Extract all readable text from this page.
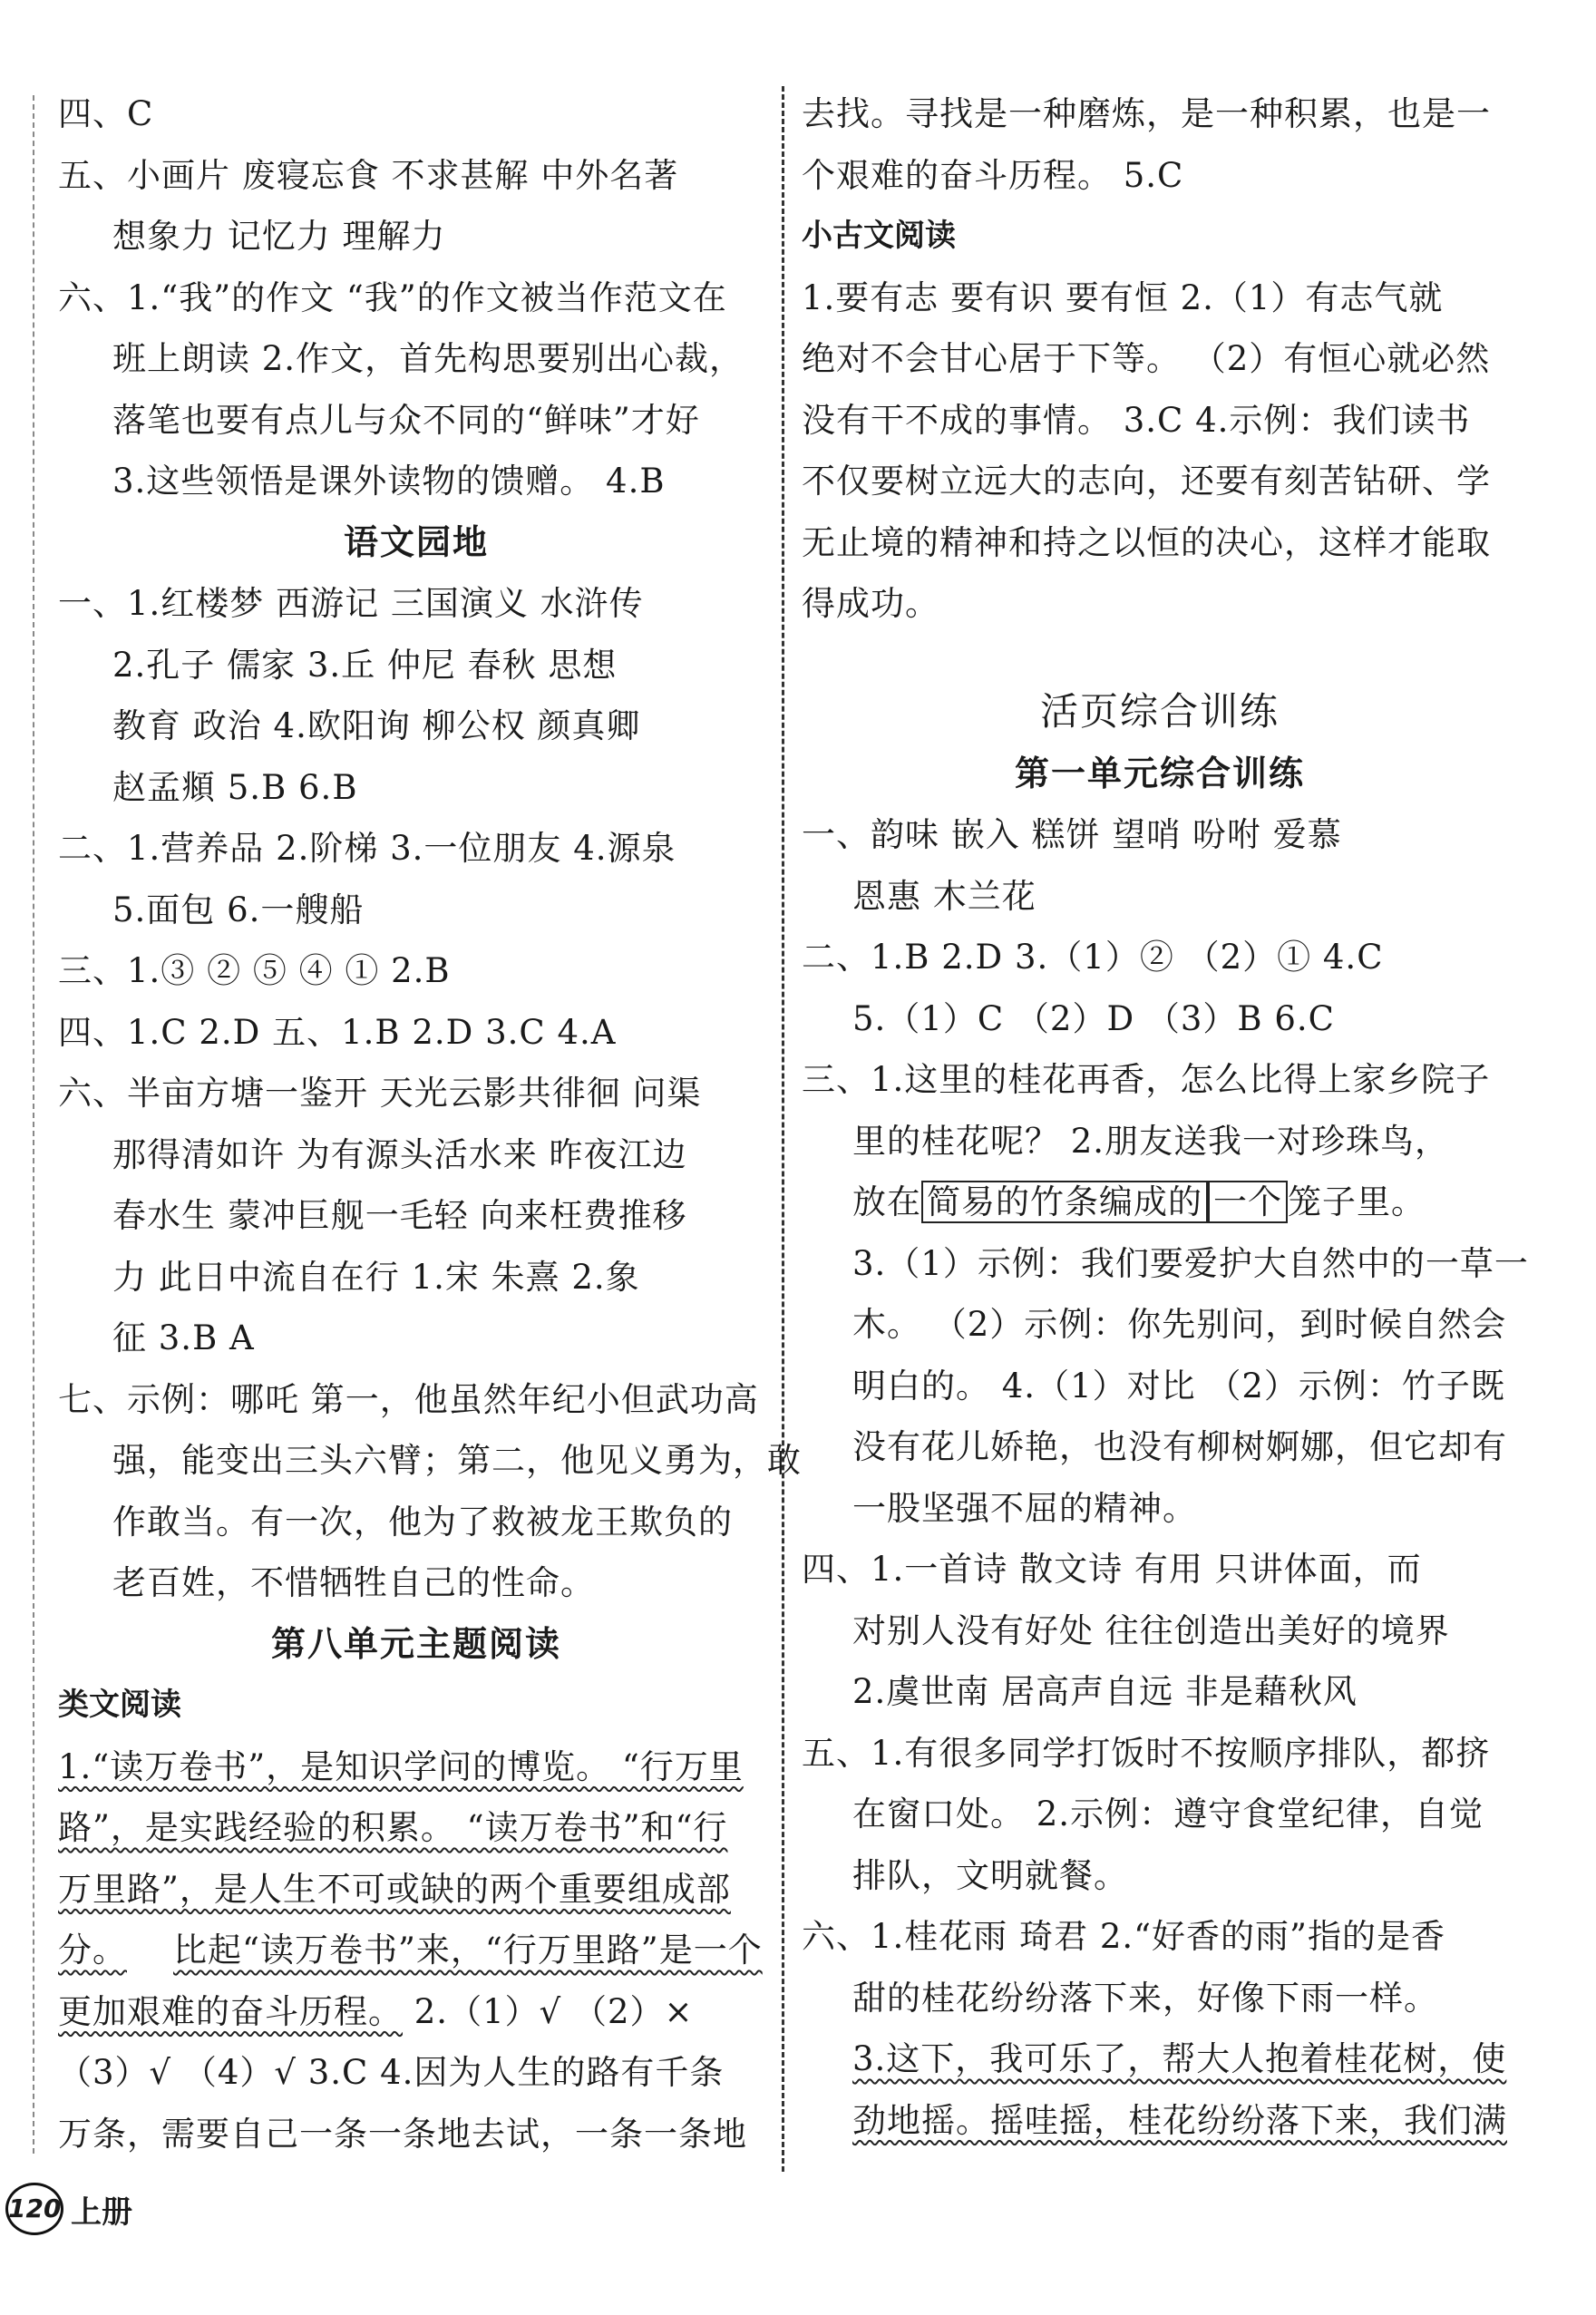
四、C
五、小画片 废寝忘食 不求甚解 中外名著
想象力 记忆力 理解力
六、1.“我”的作文 “我”的作文被当作范文在
班上朗读 2.作文，首先构思要别出心裁，
落笔也要有点儿与众不同的“鲜味”才好
3.这些领悟是课外读物的馈赠。 4.B
语文园地
一、1.红楼梦 西游记 三国演义 水浒传
2.孔子 儒家 3.丘 仲尼 春秋 思想
教育 政治 4.欧阳询 柳公权 颜真卿
赵孟頫 5.B 6.B
二、1.营养品 2.阶梯 3.一位朋友 4.源泉
5.面包 6.一艘船
三、1.③ ② ⑤ ④ ① 2.B
四、1.C 2.D 五、1.B 2.D 3.C 4.A
六、半亩方塘一鉴开 天光云影共徘徊 问渠
那得清如许 为有源头活水来 昨夜江边
春水生 蒙冲巨舰一毛轻 向来枉费推移
力 此日中流自在行 1.宋 朱熹 2.象
征 3.B A
七、示例：哪吒 第一，他虽然年纪小但武功高
强，能变出三头六臂；第二，他见义勇为，敢
作敢当。有一次，他为了救被龙王欺负的
老百姓，不惜牺牲自己的性命。
第八单元主题阅读
类文阅读
1.“读万卷书”，是知识学问的博览。 “行万里
路”，是实践经验的积累。 “读万卷书”和“行
万里路”，是人生不可或缺的两个重要组成部
分。 比起“读万卷书”来，“行万里路”是一个
更加艰难的奋斗历程。 2.（1）√ （2）×
（3）√ （4）√ 3.C 4.因为人生的路有千条
万条，需要自己一条一条地去试，一条一条地
去找。寻找是一种磨炼，是一种积累，也是一
个艰难的奋斗历程。 5.C
小古文阅读
1.要有志 要有识 要有恒 2.（1）有志气就
绝对不会甘心居于下等。 （2）有恒心就必然
没有干不成的事情。 3.C 4.示例：我们读书
不仅要树立远大的志向，还要有刻苦钻研、学
无止境的精神和持之以恒的决心，这样才能取
得成功。
活页综合训练
第一单元综合训练
一、韵味 嵌入 糕饼 望哨 吩咐 爱慕
恩惠 木兰花
二、1.B 2.D 3.（1）② （2）① 4.C
5.（1）C （2）D （3）B 6.C
三、1.这里的桂花再香，怎么比得上家乡院子
里的桂花呢？ 2.朋友送我一对珍珠鸟，
放在 简易的竹条编成的 一个 笼子里。
3.（1）示例：我们要爱护大自然中的一草一
木。 （2）示例：你先别问，到时候自然会
明白的。 4.（1）对比 （2）示例：竹子既
没有花儿娇艳，也没有柳树婀娜，但它却有
一股坚强不屈的精神。
四、1.一首诗 散文诗 有用 只讲体面，而
对别人没有好处 往往创造出美好的境界
2.虞世南 居高声自远 非是藉秋风
五、1.有很多同学打饭时不按顺序排队，都挤
在窗口处。 2.示例：遵守食堂纪律，自觉
排队，文明就餐。
六、1.桂花雨 琦君 2.“好香的雨”指的是香
甜的桂花纷纷落下来，好像下雨一样。
3.这下，我可乐了，帮大人抱着桂花树，使
劲地摇。摇哇摇，桂花纷纷落下来，我们满
120 上册
